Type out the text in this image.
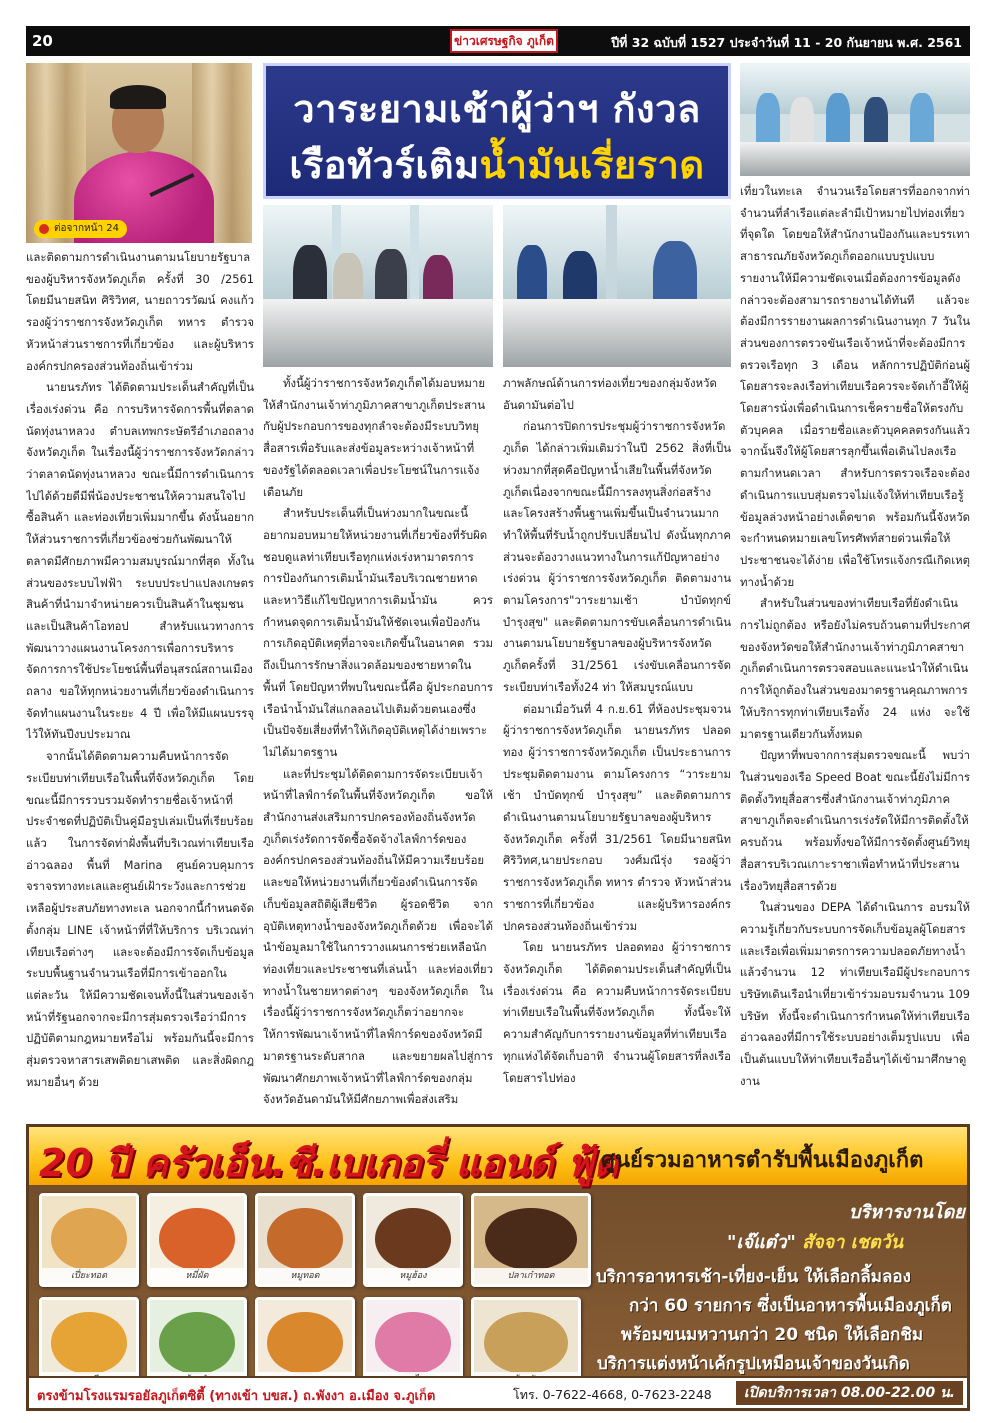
20	ข่าวเศรษฐกิจ ภูเก็ต	ปีที่ 32 ฉบับที่ 1527 ประจำวันที่ 11 - 20 กันยายน พ.ศ. 2561
ต่อจากหน้า 24
วาระยามเช้าผู้ว่าฯ กังวล
เรือทัวร์เติมน้ำมันเรี่ยราด

และติดตามการดำเนินงานตามนโยบายรัฐบาลของผู้บริหารจังหวัดภูเก็ต ครั้งที่ 30 /2561 โดยมีนายสนิท ศิริวิทศ, นายถาวรวัฒน์ คงแก้ว รองผู้ว่าราชการจังหวัดภูเก็ต ทหาร ตำรวจ หัวหน้าส่วนราชการที่เกี่ยวข้อง และผู้บริหารองค์กรปกครองส่วนท้องถิ่นเข้าร่วม

นายนรภัทร ได้ติดตามประเด็นสำคัญที่เป็นเรื่องเร่งด่วน คือ การบริหารจัดการพื้นที่ตลาดนัดทุ่งนาหลวง ตำบลเทพกระษัตรีอำเภอถลาง จังหวัดภูเก็ต ในเรื่องนี้ผู้ว่าราชการจังหวัดกล่าวว่าตลาดนัดทุ่งนาหลวง ขณะนี้มีการดำเนินการไปได้ด้วยดีมีพี่น้องประชาชนให้ความสนใจไปซื้อสินค้า และท่องเที่ยวเพิ่มมากขึ้น ดังนั้นอยากให้ส่วนราชการที่เกี่ยวข้องช่วยกันพัฒนาให้ตลาดมีศักยภาพมีความสมบูรณ์มากที่สุด ทั้งในส่วนของระบบไฟฟ้า ระบบประปาแปลงเกษตร สินค้าที่นำมาจำหน่ายควรเป็นสินค้าในชุมชน และเป็นสินค้าโอทอป สำหรับแนวทางการพัฒนาวางแผนงานโครงการเพื่อการบริหารจัดการการใช้ประโยชน์พื้นที่อนุสรณ์สถานเมืองถลาง ขอให้ทุกหน่วยงานที่เกี่ยวข้องดำเนินการจัดทำแผนงานในระยะ 4 ปี เพื่อให้มีแผนบรรจุไว้ให้ทันปีงบประมาณ

จากนั้นได้ติดตามความคืบหน้าการจัดระเบียบท่าเทียบเรือในพื้นที่จังหวัดภูเก็ต โดยขณะนี้มีการรวบรวมจัดทำรายชื่อเจ้าหน้าที่ประจำชดที่ปฏิบัติเป็นคู่มือรูปเล่มเป็นที่เรียบร้อยแล้ว ในการจัดท่าฝั่งพื้นที่บริเวณท่าเทียบเรืออ่าวฉลอง พื้นที่ Marina ศูนย์ควบคุมการจราจรทางทะเลและศูนย์เฝ้าระวังและการช่วยเหลือผู้ประสบภัยทางทะเล นอกจากนี้กำหนดจัดตั้งกลุ่ม LINE เจ้าหน้าที่ที่ให้บริการ บริเวณท่าเทียบเรือต่างๆ และจะต้องมีการจัดเก็บข้อมูลระบบพื้นฐานจำนวนเรือที่มีการเข้าออกในแต่ละวัน ให้มีความชัดเจนทั้งนี้ในส่วนของเจ้าหน้าที่รัฐนอกจากจะมีการสุ่มตรวจเรือว่ามีการปฏิบัติตามกฎหมายหรือไม่ พร้อมกันนี้จะมีการสุ่มตรวจหาสารเสพติดยาเสพติด และสิ่งผิดกฎหมายอื่นๆ ด้วย

ทั้งนี้ผู้ว่าราชการจังหวัดภูเก็ตได้มอบหมายให้สำนักงานเจ้าท่าภูมิภาคสาขาภูเก็ตประสานกับผู้ประกอบการของทุกลำจะต้องมีระบบวิทยุสื่อสารเพื่อรับและส่งข้อมูลระหว่างเจ้าหน้าที่ของรัฐได้ตลอดเวลาเพื่อประโยชน์ในการแจ้งเตือนภัย

สำหรับประเด็นที่เป็นห่วงมากในขณะนี้ อยากมอบหมายให้หน่วยงานที่เกี่ยวข้องที่รับผิดชอบดูแลท่าเทียบเรือทุกแห่งเร่งหามาตรการการป้องกันการเติมน้ำมันเรือบริเวณชายหาดและหาวิธีแก้ไขปัญหาการเติมน้ำมัน ควรกำหนดจุดการเติมน้ำมันให้ชัดเจนเพื่อป้องกันการเกิดอุบัติเหตุที่อาจจะเกิดขึ้นในอนาคต รวมถึงเป็นการรักษาสิ่งแวดล้อมของชายหาดในพื้นที่ โดยปัญหาที่พบในขณะนี้คือ ผู้ประกอบการเรือนำน้ำมันใส่แกลลอนไปเติมด้วยตนเองซึ่งเป็นปัจจัยเสี่ยงที่ทำให้เกิดอุบัติเหตุได้ง่ายเพราะไม่ได้มาตรฐาน

และที่ประชุมได้ติดตามการจัดระเบียบเจ้าหน้าที่ไลฟ์การ์ดในพื้นที่จังหวัดภูเก็ต ขอให้สำนักงานส่งเสริมการปกครองท้องถิ่นจังหวัดภูเก็ตเร่งรัดการจัดซื้อจัดจ้างไลฟ์การ์ดขององค์กรปกครองส่วนท้องถิ่นให้มีความเรียบร้อย และขอให้หน่วยงานที่เกี่ยวข้องดำเนินการจัดเก็บข้อมูลสถิติผู้เสียชีวิต ผู้รอดชีวิต จากอุบัติเหตุทางน้ำของจังหวัดภูเก็ตด้วย เพื่อจะได้นำข้อมูลมาใช้ในการวางแผนการช่วยเหลือนักท่องเที่ยวและประชาชนที่เล่นน้ำ และท่องเที่ยวทางน้ำในชายหาดต่างๆ ของจังหวัดภูเก็ต ในเรื่องนี้ผู้ว่าราชการจังหวัดภูเก็ตว่าอยากจะให้การพัฒนาเจ้าหน้าที่ไลฟ์การ์ดของจังหวัดมีมาตรฐานระดับสากล และขยายผลไปสู่การพัฒนาศักยภาพเจ้าหน้าที่ไลฟ์การ์ดของกลุ่มจังหวัดอันดามันให้มีศักยภาพเพื่อส่งเสริม

ภาพลักษณ์ด้านการท่องเที่ยวของกลุ่มจังหวัดอันดามันต่อไป

ก่อนการปิดการประชุมผู้ว่าราชการจังหวัดภูเก็ต ได้กล่าวเพิ่มเติมว่าในปี 2562 สิ่งที่เป็นห่วงมากที่สุดคือปัญหาน้ำเสียในพื้นที่จังหวัดภูเก็ตเนื่องจากขณะนี้มีการลงทุนสิ่งก่อสร้าง และโครงสร้างพื้นฐานเพิ่มขึ้นเป็นจำนวนมาก ทำให้พื้นที่รับน้ำถูกปรับเปลี่ยนไป ดังนั้นทุกภาคส่วนจะต้องวางแนวทางในการแก้ปัญหาอย่างเร่งด่วน ผู้ว่าราชการจังหวัดภูเก็ต ติดตามงานตามโครงการ"วาระยามเช้า บำบัดทุกข์ บำรุงสุข" และติดตามการขับเคลื่อนการดำเนินงานตามนโยบายรัฐบาลของผู้บริหารจังหวัดภูเก็ตครั้งที่ 31/2561 เร่งขับเคลื่อนการจัดระเบียบท่าเรือทั้ง24 ท่า ให้สมบูรณ์แบบ

ต่อมาเมื่อวันที่ 4 ก.ย.61 ที่ห้องประชุมจวนผู้ว่าราชการจังหวัดภูเก็ต นายนรภัทร ปลอดทอง ผู้ว่าราชการจังหวัดภูเก็ต เป็นประธานการประชุมติดตามงาน ตามโครงการ “วาระยามเช้า บำบัดทุกข์ บำรุงสุข” และติดตามการดำเนินงานตามนโยบายรัฐบาลของผู้บริหารจังหวัดภูเก็ต ครั้งที่ 31/2561 โดยมีนายสนิท ศิริวิทศ,นายประกอบ วงศ์มณีรุ่ง รองผู้ว่าราชการจังหวัดภูเก็ต ทหาร ตำรวจ หัวหน้าส่วนราชการที่เกี่ยวข้อง และผู้บริหารองค์กรปกครองส่วนท้องถิ่นเข้าร่วม

โดย นายนรภัทร ปลอดทอง ผู้ว่าราชการจังหวัดภูเก็ต ได้ติดตามประเด็นสำคัญที่เป็นเรื่องเร่งด่วน คือ ความคืบหน้าการจัดระเบียบท่าเทียบเรือในพื้นที่จังหวัดภูเก็ต ทั้งนี้จะให้ความสำคัญกับการรายงานข้อมูลที่ท่าเทียบเรือทุกแห่งได้จัดเก็บอาทิ จำนวนผู้โดยสารที่ลงเรือโดยสารไปท่อง

เที่ยวในทะเล จำนวนเรือโดยสารที่ออกจากท่า จำนวนที่ลำเรือแต่ละลำมีเป้าหมายไปท่องเที่ยวที่จุดใด โดยขอให้สำนักงานป้องกันและบรรเทาสาธารณภัยจังหวัดภูเก็ตออกแบบรูปแบบรายงานให้มีความชัดเจนเมื่อต้องการข้อมูลดังกล่าวจะต้องสามารถรายงานได้ทันที แล้วจะต้องมีการรายงานผลการดำเนินงานทุก 7 วันในส่วนของการตรวจขันเรือเจ้าหน้าที่จะต้องมีการตรวจเรือทุก 3 เดือน หลักการปฏิบัติก่อนผู้โดยสารจะลงเรือท่าเทียบเรือควรจะจัดเก้าอี้ให้ผู้โดยสารนั่งเพื่อดำเนินการเช็ครายชื่อให้ตรงกับตัวบุคคล เมื่อรายชื่อและตัวบุคคลตรงกันแล้วจากนั้นจึงให้ผู้โดยสารลุกขึ้นเพื่อเดินไปลงเรือตามกำหนดเวลา สำหรับการตรวจเรือจะต้องดำเนินการแบบสุ่มตรวจไม่แจ้งให้ท่าเทียบเรือรู้ข้อมูลล่วงหน้าอย่างเด็ดขาด พร้อมกันนี้จังหวัดจะกำหนดหมายเลขโทรศัพท์สายด่วนเพื่อให้ประชาชนจะได้ง่าย เพื่อใช้โทรแจ้งกรณีเกิดเหตุทางน้ำด้วย

สำหรับในส่วนของท่าเทียบเรือที่ยังดำเนินการไม่ถูกต้อง หรือยังไม่ครบถ้วนตามที่ประกาศของจังหวัดขอให้สำนักงานเจ้าท่าภูมิภาคสาขาภูเก็ตดำเนินการตรวจสอบและแนะนำให้ดำเนินการให้ถูกต้องในส่วนของมาตรฐานคุณภาพการให้บริการทุกท่าเทียบเรือทั้ง 24 แห่ง จะใช้มาตรฐานเดียวกันทั้งหมด

ปัญหาที่พบจากการสุ่มตรวจขณะนี้ พบว่าในส่วนของเรือ Speed Boat ขณะนี้ยังไม่มีการติดตั้งวิทยุสื่อสารซึ่งสำนักงานเจ้าท่าภูมิภาคสาขาภูเก็ตจะดำเนินการเร่งรัดให้มีการติดตั้งให้ครบถ้วน พร้อมทั้งขอให้มีการจัดตั้งศูนย์วิทยุสื่อสารบริเวณเกาะราชาเพื่อทำหน้าที่ประสานเรื่องวิทยุสื่อสารด้วย

ในส่วนของ DEPA ได้ดำเนินการ อบรมให้ความรู้เกี่ยวกับระบบการจัดเก็บข้อมูลผู้โดยสารและเรือเพื่อเพิ่มมาตรการความปลอดภัยทางน้ำแล้วจำนวน 12 ท่าเทียบเรือมีผู้ประกอบการบริษัทเดินเรือนำเที่ยวเข้าร่วมอบรมจำนวน 109 บริษัท ทั้งนี้จะดำเนินการกำหนดให้ท่าเทียบเรืออ่าวฉลองที่มีการใช้ระบบอย่างเต็มรูปแบบ เพื่อเป็นต้นแบบให้ท่าเทียบเรืออื่นๆได้เข้ามาศึกษาดูงาน

20 ปี ครัวเอ็น.ซี.เบเกอรี่ แอนด์ ฟู้ด
ศูนย์รวมอาหารตำรับพื้นเมืองภูเก็ต
บริหารงานโดย
"เจ๊แต๋ว" สัจจา เชตวัน
บริการอาหารเช้า-เที่ยง-เย็น ให้เลือกลิ้มลอง
กว่า 60 รายการ ซึ่งเป็นอาหารพื้นเมืองภูเก็ต
พร้อมขนมหวานกว่า 20 ชนิด ให้เลือกชิม
บริการแต่งหน้าเค้กรูปเหมือนเจ้าของวันเกิด
เปี่ยะทอด	หมี่ผัด	หมูทอด	หมูฮ้อง	ปลาเก๋าทอด
ตรงข้ามโรงแรมรอยัลภูเก็ตซิตี้ (ทางเข้า บขส.) ถ.พังงา อ.เมือง จ.ภูเก็ต	โทร. 0-7622-4668, 0-7623-2248	เปิดบริการเวลา 08.00-22.00 น.
